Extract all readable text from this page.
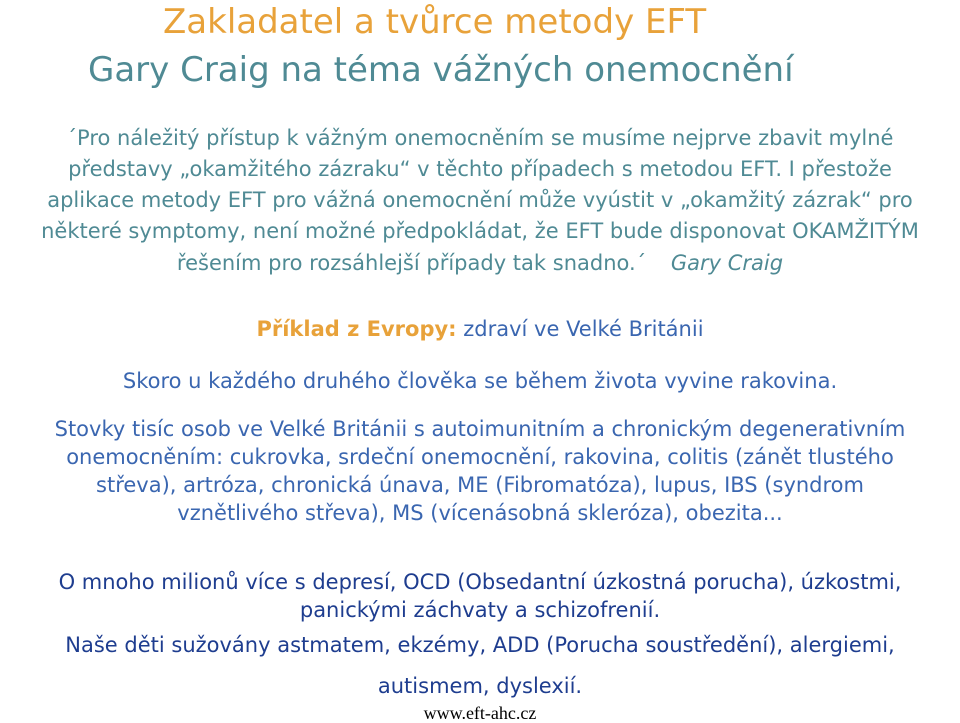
Zakladatel a tvůrce metody EFT
Gary Craig na téma vážných onemocnění
´Pro náležitý přístup k vážným onemocněním se musíme nejprve zbavit mylné
představy „okamžitého zázraku“ v těchto případech s metodou EFT. I přestože
aplikace metody EFT pro vážná onemocnění může vyústit v „okamžitý zázrak“ pro
některé symptomy, není možné předpokládat, že EFT bude disponovat OKAMŽITÝM
řešením pro rozsáhlejší případy tak snadno.´ Gary Craig
Příklad z Evropy: zdraví ve Velké Británii
Skoro u každého druhého člověka se během života vyvine rakovina.
Stovky tisíc osob ve Velké Británii s autoimunitním a chronickým degenerativním
onemocněním: cukrovka, srdeční onemocnění, rakovina, colitis (zánět tlustého
střeva), artróza, chronická únava, ME (Fibromatóza), lupus, IBS (syndrom
vznětlivého střeva), MS (vícenásobná skleróza), obezita...
O mnoho milionů více s depresí, OCD (Obsedantní úzkostná porucha), úzkostmi,
panickými záchvaty a schizofrenií.
Naše děti sužovány astmatem, ekzémy, ADD (Porucha soustředění), alergiemi,
autismem, dyslexií.
www.eft-ahc.cz
